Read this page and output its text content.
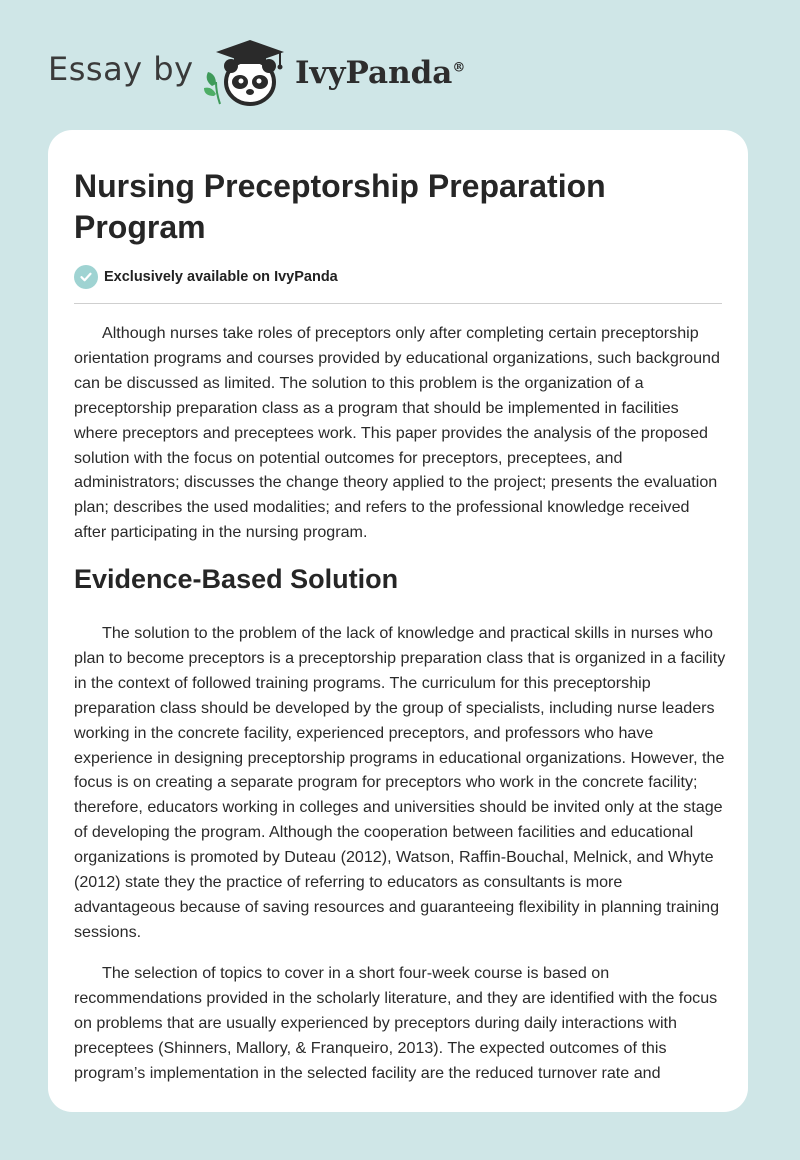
Essay by	IvyPanda®
Nursing Preceptorship Preparation Program
Exclusively available on IvyPanda

Although nurses take roles of preceptors only after completing certain preceptorship orientation programs and courses provided by educational organizations, such background can be discussed as limited. The solution to this problem is the organization of a preceptorship preparation class as a program that should be implemented in facilities where preceptors and preceptees work. This paper provides the analysis of the proposed solution with the focus on potential outcomes for preceptors, preceptees, and administrators; discusses the change theory applied to the project; presents the evaluation plan; describes the used modalities; and refers to the professional knowledge received after participating in the nursing program.

Evidence-Based Solution

The solution to the problem of the lack of knowledge and practical skills in nurses who plan to become preceptors is a preceptorship preparation class that is organized in a facility in the context of followed training programs. The curriculum for this preceptorship preparation class should be developed by the group of specialists, including nurse leaders working in the concrete facility, experienced preceptors, and professors who have experience in designing preceptorship programs in educational organizations. However, the focus is on creating a separate program for preceptors who work in the concrete facility; therefore, educators working in colleges and universities should be invited only at the stage of developing the program. Although the cooperation between facilities and educational organizations is promoted by Duteau (2012), Watson, Raffin-Bouchal, Melnick, and Whyte (2012) state they the practice of referring to educators as consultants is more advantageous because of saving resources and guaranteeing flexibility in planning training sessions.

The selection of topics to cover in a short four-week course is based on recommendations provided in the scholarly literature, and they are identified with the focus on problems that are usually experienced by preceptors during daily interactions with preceptees (Shinners, Mallory, & Franqueiro, 2013). The expected outcomes of this program’s implementation in the selected facility are the reduced turnover rate and
